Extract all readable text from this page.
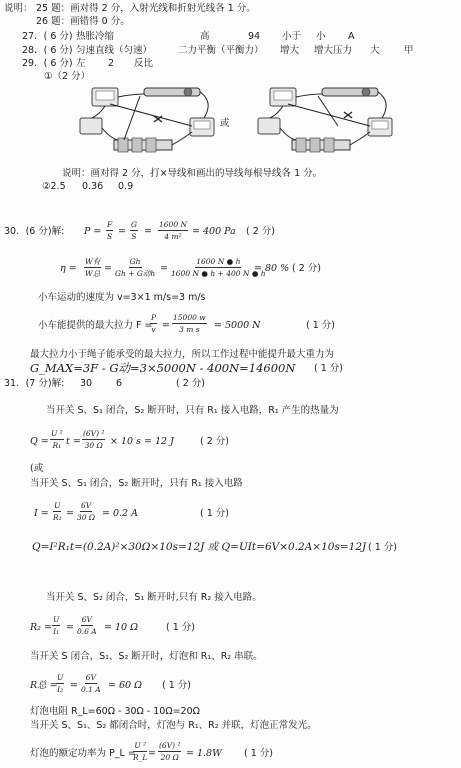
说明： 25 题：画对得 2 分，入射光线和折射光线各 1 分。
26 题：画错得 0 分。
27．( 6 分) 热胀冷缩	高	94 小于 小 A
28．( 6 分) 匀速直线（匀速）	二力平衡（平衡力） 增大 增大压力 大	甲
29．( 6 分) 左 2 反比
①（2 分）
或
说明：画对得 2 分，打×导线和画出的导线每根导线各 1 分。
②2.5 0.36 0.9
30．(6 分)解: $P = \frac{F}{S} = \frac{G}{S} = \frac{1600 N}{\text{4 m²}} = 400$ Pa ( 2 分)
η =
W有
W总 =
Gh
Gh + G动$h = \frac{1600 N ● h}{1600 N ● h + 400 N ● h}$
= 80 % ( 2 分)
小车运动的速度为 v=3×1 m/s=3 m/s
小车能提供的最大拉力 F =
$\frac{P}{v} = \frac{15000 w}{\text{3 m s}} = 5000$ N	( 1 分)
最大拉力小于绳子能承受的最大拉力，所以工作过程中能提升最大重力为
G_MAX=3F - G动=3×5000N - 400N=14600N ( 1 分)
31．(7 分)解: 30	6	( 2 分)
当开关 S、S₁ 闭合，S₂ 断开时，只有 R₁ 接入电路，R₁ 产生的热量为
$Q = \frac{\text{U ²}}{\text{R₁}}$ $t = \frac{\text{(6V) ²}}{30 \Omega} \times 10$ s = 12 J	( 2 分)
(或
当开关 S、S₁ 闭合，S₂ 断开时，只有 R₁ 接入电路
$I = \frac{U}{\text{R₁}} = \frac{6V}{30 \Omega} = 0.2$ A	( 1 分)
Q=I²R₁t=(0.2A)²×30Ω×10s=12J 或 Q=UIt=6V×0.2A×10s=12J ( 1 分)
当开关 S、S₂ 闭合，S₁ 断开时,只有 R₂ 接入电路。
$R_2 = \frac{U}{\text{I₁}} = \frac{6V}{0.6 A} = 10$ Ω	( 1 分)
当开关 S 闭合，S₁、S₂ 断开时，灯泡和 R₁、R₂ 串联。
R总 =
$\frac{U}{\text{I₂}} = \frac{6V}{0.1 A} = 60$ Ω ( 1 分)
灯泡电阻 R_L=60Ω - 30Ω - 10Ω=20Ω
当开关 S、S₁、S₂ 都闭合时，灯泡与 R₁、R₂ 并联，灯泡正常发光。
灯泡的额定功率为 P_L =
$\frac{\text{U ²}}{R\_L} = \frac{\text{(6V) ²}}{20 \Omega} = 1.8W$ ( 1 分)
